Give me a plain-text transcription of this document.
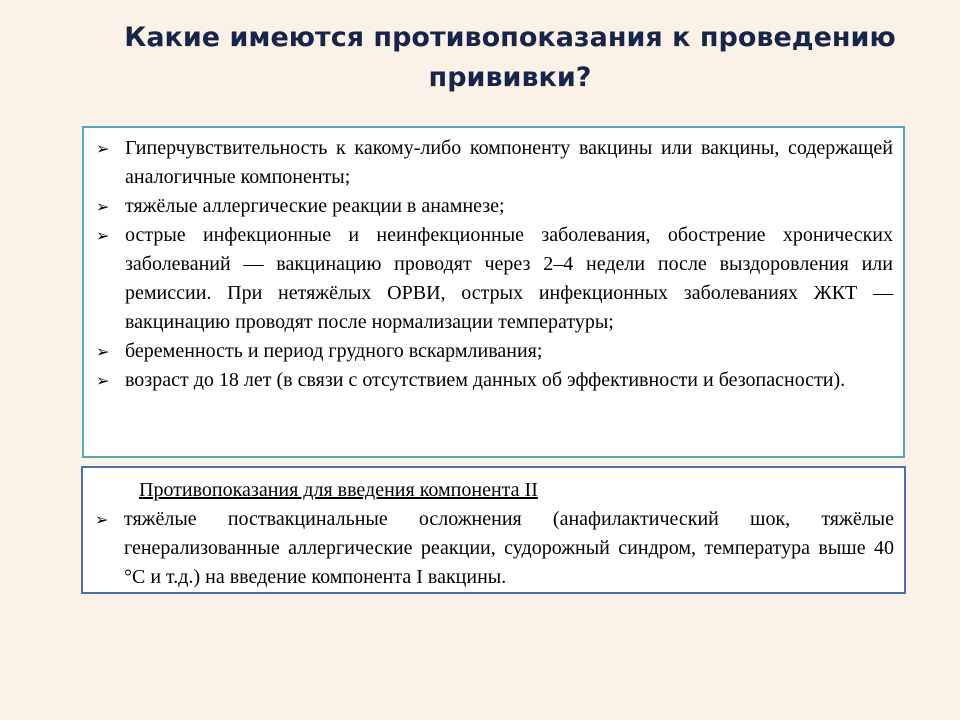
Какие имеются противопоказания к проведению прививки?
➢ Гиперчувствительность к какому-либо компоненту вакцины или вакцины, содержащей аналогичные компоненты;
➢ тяжёлые аллергические реакции в анамнезе;
➢ острые инфекционные и неинфекционные заболевания, обострение хронических заболеваний — вакцинацию проводят через 2–4 недели после выздоровления или ремиссии. При нетяжёлых ОРВИ, острых инфекционных заболеваниях ЖКТ — вакцинацию проводят после нормализации температуры;
➢ беременность и период грудного вскармливания;
➢ возраст до 18 лет (в связи с отсутствием данных об эффективности и безопасности).

Противопоказания для введения компонента II

➢ тяжёлые поствакцинальные осложнения (анафилактический шок, тяжёлые генерализованные аллергические реакции, судорожный синдром, температура выше 40 °С и т.д.) на введение компонента I вакцины.
